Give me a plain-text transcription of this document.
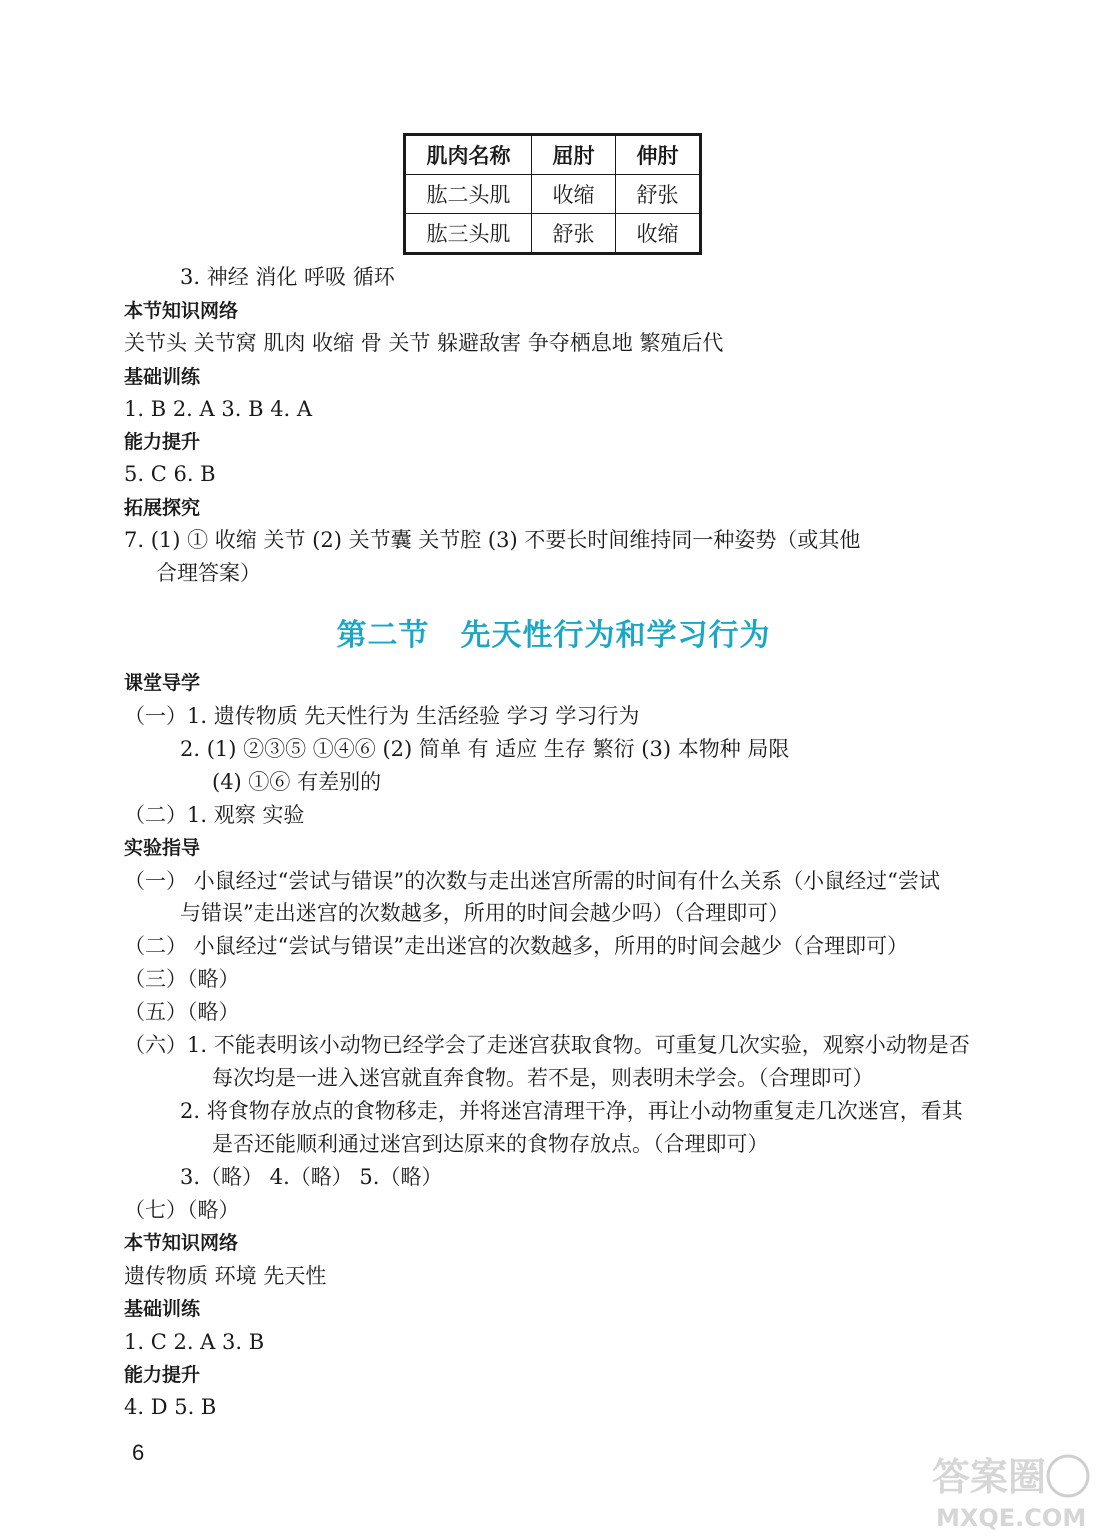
肌肉名称	屈肘	伸肘
肱二头肌	收缩	舒张
肱三头肌	舒张	收缩
3. 神经 消化 呼吸 循环
本节知识网络
关节头 关节窝 肌肉 收缩 骨 关节 躲避敌害 争夺栖息地 繁殖后代
基础训练
1. B 2. A 3. B 4. A
能力提升
5. C 6. B
拓展探究
7. (1) ① 收缩 关节 (2) 关节囊 关节腔 (3) 不要长时间维持同一种姿势（或其他
合理答案）
第二节　先天性行为和学习行为
课堂导学
（一）1. 遗传物质 先天性行为 生活经验 学习 学习行为
2. (1) ②③⑤ ①④⑥ (2) 简单 有 适应 生存 繁衍 (3) 本物种 局限
(4) ①⑥ 有差别的
（二）1. 观察 实验
实验指导
（一） 小鼠经过“尝试与错误”的次数与走出迷宫所需的时间有什么关系（小鼠经过“尝试
与错误”走出迷宫的次数越多，所用的时间会越少吗）（合理即可）
（二） 小鼠经过“尝试与错误”走出迷宫的次数越多，所用的时间会越少（合理即可）
（三）（略）
（五）（略）
（六）1. 不能表明该小动物已经学会了走迷宫获取食物。可重复几次实验，观察小动物是否
每次均是一进入迷宫就直奔食物。若不是，则表明未学会。（合理即可）
2. 将食物存放点的食物移走，并将迷宫清理干净，再让小动物重复走几次迷宫，看其
是否还能顺利通过迷宫到达原来的食物存放点。（合理即可）
3.（略） 4.（略） 5.（略）
（七）（略）
本节知识网络
遗传物质 环境 先天性
基础训练
1. C 2. A 3. B
能力提升
4. D 5. B
6
答案圈
MXQE.COM
